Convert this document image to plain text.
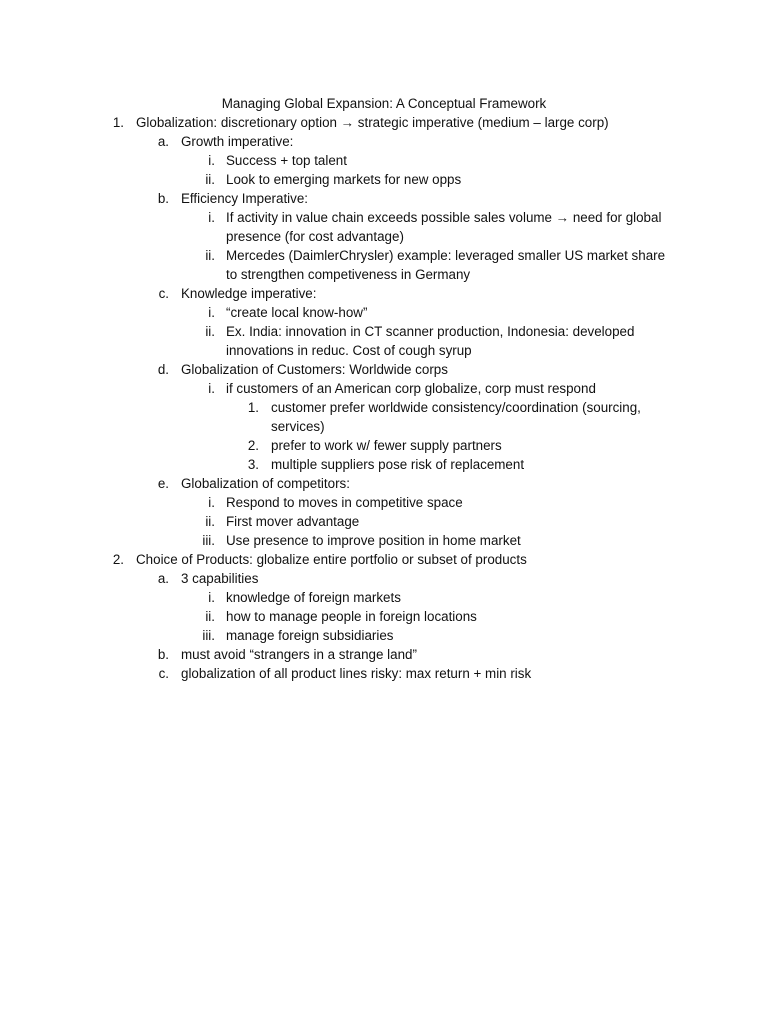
Managing Global Expansion: A Conceptual Framework
1. Globalization: discretionary option → strategic imperative (medium – large corp)
a. Growth imperative:
i. Success + top talent
ii. Look to emerging markets for new opps
b. Efficiency Imperative:
i. If activity in value chain exceeds possible sales volume → need for global
presence (for cost advantage)
ii. Mercedes (DaimlerChrysler) example: leveraged smaller US market share
to strengthen competiveness in Germany
c. Knowledge imperative:
i. “create local know-how”
ii. Ex. India: innovation in CT scanner production, Indonesia: developed
innovations in reduc. Cost of cough syrup
d. Globalization of Customers: Worldwide corps
i. if customers of an American corp globalize, corp must respond
1. customer prefer worldwide consistency/coordination (sourcing,
services)
2. prefer to work w/ fewer supply partners
3. multiple suppliers pose risk of replacement
e. Globalization of competitors:
i. Respond to moves in competitive space
ii. First mover advantage
iii. Use presence to improve position in home market
2. Choice of Products: globalize entire portfolio or subset of products
a. 3 capabilities
i. knowledge of foreign markets
ii. how to manage people in foreign locations
iii. manage foreign subsidiaries
b. must avoid “strangers in a strange land”
c. globalization of all product lines risky: max return + min risk
